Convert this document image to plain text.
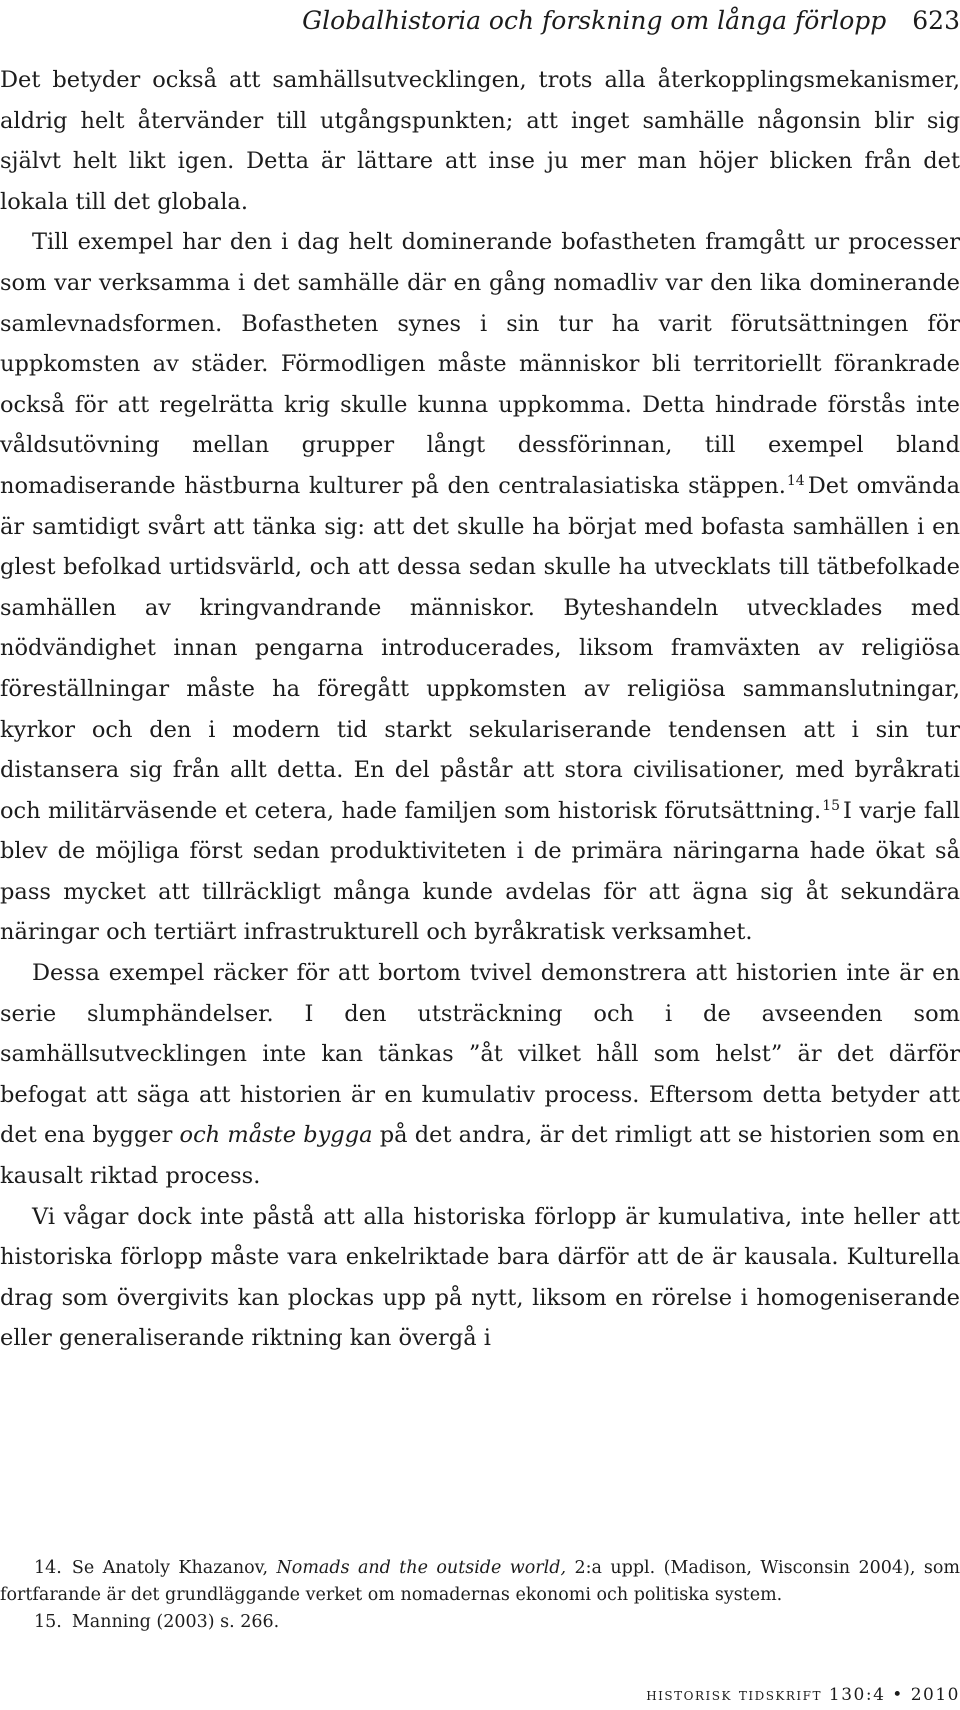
Globalhistoria och forskning om långa förlopp 623

Det betyder också att samhällsutvecklingen, trots alla återkopplingsmekanismer, aldrig helt återvänder till utgångspunkten; att inget samhälle någonsin blir sig självt helt likt igen. Detta är lättare att inse ju mer man höjer blicken från det lokala till det globala.

Till exempel har den i dag helt dominerande bofastheten framgått ur processer som var verksamma i det samhälle där en gång nomadliv var den lika dominerande samlevnadsformen. Bofastheten synes i sin tur ha varit förutsättningen för uppkomsten av städer. Förmodligen måste människor bli territoriellt förankrade också för att regelrätta krig skulle kunna uppkomma. Detta hindrade förstås inte våldsutövning mellan grupper långt dessförinnan, till exempel bland nomadiserande hästburna kulturer på den centralasiatiska stäppen.$^{14}$ Det omvända är samtidigt svårt att tänka sig: att det skulle ha börjat med bofasta samhällen i en glest befolkad urtidsvärld, och att dessa sedan skulle ha utvecklats till tätbefolkade samhällen av kringvandrande människor. Byteshandeln utvecklades med nödvändighet innan pengarna introducerades, liksom framväxten av religiösa föreställningar måste ha föregått uppkomsten av religiösa sammanslutningar, kyrkor och den i modern tid starkt sekulariserande tendensen att i sin tur distansera sig från allt detta. En del påstår att stora civilisationer, med byråkrati och militärväsende et cetera, hade familjen som historisk förutsättning.$^{15}$ I varje fall blev de möjliga först sedan produktiviteten i de primära näringarna hade ökat så pass mycket att tillräckligt många kunde avdelas för att ägna sig åt sekundära näringar och tertiärt infrastrukturell och byråkratisk verksamhet.

Dessa exempel räcker för att bortom tvivel demonstrera att historien inte är en serie slumphändelser. I den utsträckning och i de avseenden som samhällsutvecklingen inte kan tänkas ”åt vilket håll som helst” är det därför befogat att säga att historien är en kumulativ process. Eftersom detta betyder att det ena bygger och måste bygga på det andra, är det rimligt att se historien som en kausalt riktad process.

Vi vågar dock inte påstå att alla historiska förlopp är kumulativa, inte heller att historiska förlopp måste vara enkelriktade bara därför att de är kausala. Kulturella drag som övergivits kan plockas upp på nytt, liksom en rörelse i homogeniserande eller generaliserande riktning kan övergå i

14. Se Anatoly Khazanov, Nomads and the outside world, 2:a uppl. (Madison, Wisconsin 2004), som fortfarande är det grundläggande verket om nomadernas ekonomi och politiska system.

15. Manning (2003) s. 266.

historisk tidskrift 130:4 • 2010
